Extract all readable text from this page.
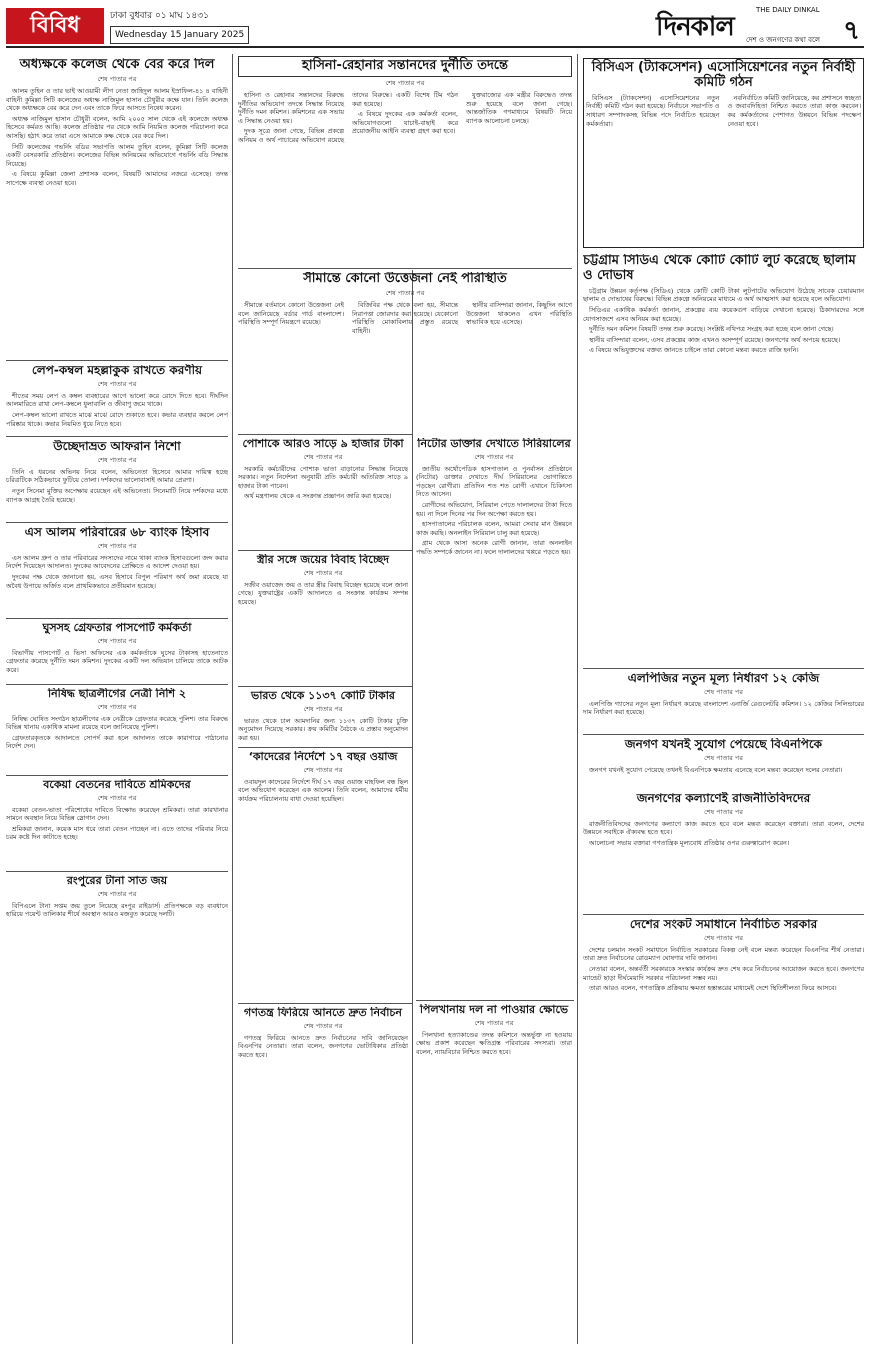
বিবিধ	ঢাকা বুধবার ০১ মাঘ ১৪৩১
Wednesday 15 January 2025	দিনকাল
THE DAILY DINKAL
দেশ ও জনগণের কথা বলে ৭
অধ্যক্ষকে কলেজ থেকে বের করে দিল
শেষ পাতার পর

আলম তুহিন ও তার ভাই আওয়ামী লীগ নেতা জাহিদুল আলম ইস্রাফিল-৪১ ৪ বাহিনী বাহিনী কুমিল্লা সিটি কলেজের অধ্যক্ষ নাজিমুল হাসান চৌধুরীর কক্ষে যান। তিনি কলেজ থেকে অধ্যক্ষকে বের করে দেন এবং তাকে ফিরে আসতে নিষেধ করেন।

অধ্যক্ষ নাজিমুল হাসান চৌধুরী বলেন, আমি ২০০৫ সাল থেকে এই কলেজে অধ্যক্ষ হিসেবে কর্মরত আছি। কলেজ প্রতিষ্ঠার পর থেকে আমি নিয়মিত কলেজ পরিচালনা করে আসছি। হঠাৎ করে তারা এসে আমাকে কক্ষ থেকে বের করে দিল।

সিটি কলেজের গভর্নিং বডির সভাপতি আলম তুহিন বলেন, কুমিল্লা সিটি কলেজ একটি বেসরকারি প্রতিষ্ঠান। কলেজের বিভিন্ন অনিয়মের অভিযোগে গভর্নিং বডি সিদ্ধান্ত নিয়েছে।

এ বিষয়ে কুমিল্লা জেলা প্রশাসক বলেন, বিষয়টি আমাদের নজরে এসেছে। তদন্ত সাপেক্ষে ব্যবস্থা নেওয়া হবে।

লেপ-কম্বল মহল্লাকুক রাখতে করণীয়
শেষ পাতার পর

শীতের সময় লেপ ও কম্বল ব্যবহারের আগে ভালো করে রোদে দিতে হবে। দীর্ঘদিন আলমারিতে রাখা লেপ-কম্বলে ধুলাবালি ও জীবাণু জমে থাকে।

লেপ-কম্বল ভালো রাখতে মাঝে মাঝে রোদে শুকাতে হবে। কভার ব্যবহার করলে লেপ পরিষ্কার থাকে। কভার নিয়মিত ধুয়ে নিতে হবে।

উচ্ছেদাভ্রত আফরান নিশো
শেষ পাতার পর

তিনি এ ধরনের অভিনয় নিয়ে বলেন, অভিনেতা হিসেবে আমার দায়িত্ব হচ্ছে চরিত্রটিকে সঠিকভাবে ফুটিয়ে তোলা। দর্শকদের ভালোবাসাই আমার প্রেরণা।

নতুন সিনেমা মুক্তির অপেক্ষায় রয়েছেন এই অভিনেতা। সিনেমাটি নিয়ে দর্শকদের মধ্যে ব্যাপক আগ্রহ তৈরি হয়েছে।

এস আলম পরিবারের ৬৮ ব্যাংক হিসাব
শেষ পাতার পর

এস আলম গ্রুপ ও তার পরিবারের সদস্যদের নামে থাকা ব্যাংক হিসাবগুলো জব্দ করার নির্দেশ দিয়েছেন আদালত। দুদকের আবেদনের প্রেক্ষিতে এ আদেশ দেওয়া হয়।

দুদকের পক্ষ থেকে জানানো হয়, এসব হিসাবে বিপুল পরিমাণ অর্থ জমা রয়েছে যা অবৈধ উপায়ে অর্জিত বলে প্রাথমিকভাবে প্রতীয়মান হয়েছে।

ঘুসসহ গ্রেফতার পাসপোর্ট কর্মকর্তা
শেষ পাতার পর

বিভাগীয় পাসপোর্ট ও ভিসা অফিসের এক কর্মকর্তাকে ঘুসের টাকাসহ হাতেনাতে গ্রেফতার করেছে দুর্নীতি দমন কমিশন। দুদকের একটি দল অভিযান চালিয়ে তাকে আটক করে।

নিষিদ্ধ ছাত্রলীগের নেত্রী নিশি ২
শেষ পাতার পর

নিষিদ্ধ ঘোষিত সংগঠন ছাত্রলীগের এক নেত্রীকে গ্রেফতার করেছে পুলিশ। তার বিরুদ্ধে বিভিন্ন থানায় একাধিক মামলা রয়েছে বলে জানিয়েছে পুলিশ।

গ্রেফতারকৃতকে আদালতে সোপর্দ করা হলে আদালত তাকে কারাগারে পাঠানোর নির্দেশ দেন।

বকেয়া বেতনের দাবিতে শ্রমিকদের
শেষ পাতার পর

বকেয়া বেতন-ভাতা পরিশোধের দাবিতে বিক্ষোভ করেছেন শ্রমিকরা। তারা কারখানার সামনে অবস্থান নিয়ে বিভিন্ন স্লোগান দেন।

শ্রমিকরা জানান, কয়েক মাস ধরে তারা বেতন পাচ্ছেন না। এতে তাদের পরিবার নিয়ে চরম কষ্টে দিন কাটাতে হচ্ছে।

রংপুরের টানা সাত জয়
শেষ পাতার পর

বিপিএলে টানা সপ্তম জয় তুলে নিয়েছে রংপুর রাইডার্স। প্রতিপক্ষকে বড় ব্যবধানে হারিয়ে পয়েন্ট তালিকার শীর্ষে অবস্থান আরও মজবুত করেছে দলটি।

হাসিনা-রেহানার সন্তানদের দুর্নীতি তদন্তে
শেষ পাতার পর

হাসিনা ও রেহানার সন্তানদের বিরুদ্ধে দুর্নীতির অভিযোগ তদন্তে সিদ্ধান্ত নিয়েছে দুর্নীতি দমন কমিশন। কমিশনের এক সভায় এ সিদ্ধান্ত নেওয়া হয়।

দুদক সূত্রে জানা গেছে, বিভিন্ন প্রকল্পে অনিয়ম ও অর্থ পাচারের অভিযোগ রয়েছে তাদের বিরুদ্ধে। একটি বিশেষ টিম গঠন করা হয়েছে।

এ বিষয়ে দুদকের এক কর্মকর্তা বলেন, অভিযোগগুলো যাচাই-বাছাই করে প্রয়োজনীয় আইনি ব্যবস্থা গ্রহণ করা হবে।

যুক্তরাজ্যের এক মন্ত্রীর বিরুদ্ধেও তদন্ত শুরু হয়েছে বলে জানা গেছে। আন্তর্জাতিক গণমাধ্যমে বিষয়টি নিয়ে ব্যাপক আলোচনা চলছে।

সীমান্তে কোনো উত্তেজনা নেই পরিস্থিতি
শেষ পাতার পর

সীমান্তে বর্তমানে কোনো উত্তেজনা নেই বলে জানিয়েছে বর্ডার গার্ড বাংলাদেশ। পরিস্থিতি সম্পূর্ণ নিয়ন্ত্রণে রয়েছে।

বিজিবির পক্ষ থেকে বলা হয়, সীমান্তে নিরাপত্তা জোরদার করা হয়েছে। যেকোনো পরিস্থিতি মোকাবিলায় প্রস্তুত রয়েছে বাহিনী।

স্থানীয় বাসিন্দারা জানান, কিছুদিন আগে উত্তেজনা থাকলেও এখন পরিস্থিতি স্বাভাবিক হয়ে এসেছে।

পোশাকে আরও সাড়ে ৯ হাজার টাকা
শেষ পাতার পর

সরকারি কর্মচারীদের পোশাক ভাতা বাড়ানোর সিদ্ধান্ত নিয়েছে সরকার। নতুন নির্দেশনা অনুযায়ী প্রতি কর্মচারী অতিরিক্ত সাড়ে ৯ হাজার টাকা পাবেন।

অর্থ মন্ত্রণালয় থেকে এ সংক্রান্ত প্রজ্ঞাপন জারি করা হয়েছে।

স্ত্রীর সঙ্গে জয়ের বিবাহ বিচ্ছেদ
শেষ পাতার পর

সজীব ওয়াজেদ জয় ও তার স্ত্রীর বিবাহ বিচ্ছেদ হয়েছে বলে জানা গেছে। যুক্তরাষ্ট্রের একটি আদালতে এ সংক্রান্ত কার্যক্রম সম্পন্ন হয়েছে।

ভারত থেকে ১১৩৭ কোটি টাকার
শেষ পাতার পর

ভারত থেকে চাল আমদানির জন্য ১১৩৭ কোটি টাকার চুক্তি অনুমোদন দিয়েছে সরকার। ক্রয় কমিটির বৈঠকে এ প্রস্তাব অনুমোদন করা হয়।

‘কাদেরের নির্দেশে ১৭ বছর ওয়াজ
শেষ পাতার পর

ওবায়দুল কাদেরের নির্দেশে দীর্ঘ ১৭ বছর ওয়াজ মাহফিল বন্ধ ছিল বলে অভিযোগ করেছেন এক আলেম। তিনি বলেন, আমাদের ধর্মীয় কার্যক্রম পরিচালনায় বাধা দেওয়া হয়েছিল।

গণতন্ত্র ফিরিয়ে আনতে দ্রুত নির্বাচন
শেষ পাতার পর

গণতন্ত্র ফিরিয়ে আনতে দ্রুত নির্বাচনের দাবি জানিয়েছেন বিএনপির নেতারা। তারা বলেন, জনগণের ভোটাধিকার প্রতিষ্ঠা করতে হবে।

নিটোর ডাক্তার দেখাতে সিরিয়ালের
শেষ পাতার পর

জাতীয় অর্থোপেডিক হাসপাতাল ও পুনর্বাসন প্রতিষ্ঠানে (নিটোর) ডাক্তার দেখাতে দীর্ঘ সিরিয়ালের ভোগান্তিতে পড়ছেন রোগীরা। প্রতিদিন শত শত রোগী এখানে চিকিৎসা নিতে আসেন।

রোগীদের অভিযোগ, সিরিয়াল পেতে দালালদের টাকা দিতে হয়। না দিলে দিনের পর দিন অপেক্ষা করতে হয়।

হাসপাতালের পরিচালক বলেন, আমরা সেবার মান উন্নয়নে কাজ করছি। অনলাইন সিরিয়াল চালু করা হয়েছে।

গ্রাম থেকে আসা অনেক রোগী জানান, তারা অনলাইন পদ্ধতি সম্পর্কে জানেন না। ফলে দালালদের খপ্পরে পড়তে হয়।

পিলখানায় দল না পাওয়ার ক্ষোভে
শেষ পাতার পর

পিলখানা হত্যাকাণ্ডের তদন্ত কমিশনে অন্তর্ভুক্ত না হওয়ায় ক্ষোভ প্রকাশ করেছেন ক্ষতিগ্রস্ত পরিবারের সদস্যরা। তারা বলেন, ন্যায়বিচার নিশ্চিত করতে হবে।

বিসিএস (ট্যাকসেশন) এসোসিয়েশনের নতুন নির্বাহী কমিটি গঠন

বিসিএস (ট্যাকসেশন) এসোসিয়েশনের নতুন নির্বাহী কমিটি গঠন করা হয়েছে। নির্বাচনে সভাপতি ও সাধারণ সম্পাদকসহ বিভিন্ন পদে নির্বাচিত হয়েছেন কর্মকর্তারা।

নবনির্বাচিত কমিটি জানিয়েছে, কর প্রশাসনে স্বচ্ছতা ও জবাবদিহিতা নিশ্চিত করতে তারা কাজ করবেন। কর কর্মকর্তাদের পেশাগত উন্নয়নে বিভিন্ন পদক্ষেপ নেওয়া হবে।

চট্টগ্রাম সিডিএ থেকে কোটি কোটি লুট করেছে ছালাম ও দোভাষ

চট্টগ্রাম উন্নয়ন কর্তৃপক্ষ (সিডিএ) থেকে কোটি কোটি টাকা লুটপাটের অভিযোগ উঠেছে সাবেক চেয়ারম্যান ছালাম ও দোভাষের বিরুদ্ধে। বিভিন্ন প্রকল্পে অনিয়মের মাধ্যমে এ অর্থ আত্মসাৎ করা হয়েছে বলে অভিযোগ।

সিডিএর একাধিক কর্মকর্তা জানান, প্রকল্পের ব্যয় কয়েকগুণ বাড়িয়ে দেখানো হয়েছে। ঠিকাদারদের সঙ্গে যোগসাজশে এসব অনিয়ম করা হয়েছে।

দুর্নীতি দমন কমিশন বিষয়টি তদন্ত শুরু করেছে। সংশ্লিষ্ট নথিপত্র সংগ্রহ করা হচ্ছে বলে জানা গেছে।

স্থানীয় বাসিন্দারা বলেন, এসব প্রকল্পের কাজ এখনও অসম্পূর্ণ রয়েছে। জনগণের অর্থ অপচয় হয়েছে।

এ বিষয়ে অভিযুক্তদের বক্তব্য জানতে চাইলে তারা কোনো মন্তব্য করতে রাজি হননি।

এলপিজির নতুন মূল্য নির্ধারণ ১২ কেজি
শেষ পাতার পর

এলপিজি গ্যাসের নতুন মূল্য নির্ধারণ করেছে বাংলাদেশ এনার্জি রেগুলেটরি কমিশন। ১২ কেজির সিলিন্ডারের দাম নির্ধারণ করা হয়েছে।

জনগণ যখনই সুযোগ পেয়েছে বিএনপিকে
শেষ পাতার পর

জনগণ যখনই সুযোগ পেয়েছে তখনই বিএনপিকে ক্ষমতায় এনেছে বলে মন্তব্য করেছেন দলের নেতারা।

জনগণের কল্যাণেই রাজনীতিবিদদের
শেষ পাতার পর

রাজনীতিবিদদের জনগণের কল্যাণে কাজ করতে হবে বলে মন্তব্য করেছেন বক্তারা। তারা বলেন, দেশের উন্নয়নে সবাইকে ঐক্যবদ্ধ হতে হবে।

আলোচনা সভায় বক্তারা গণতান্ত্রিক মূল্যবোধ প্রতিষ্ঠার ওপর গুরুত্বারোপ করেন।

দেশের সংকট সমাধানে নির্বাচিত সরকার
শেষ পাতার পর

দেশের চলমান সংকট সমাধানে নির্বাচিত সরকারের বিকল্প নেই বলে মন্তব্য করেছেন বিএনপির শীর্ষ নেতারা। তারা দ্রুত নির্বাচনের রোডম্যাপ ঘোষণার দাবি জানান।

নেতারা বলেন, অন্তর্বর্তী সরকারকে সংস্কার কার্যক্রম দ্রুত শেষ করে নির্বাচনের আয়োজন করতে হবে। জনগণের ম্যান্ডেট ছাড়া দীর্ঘমেয়াদি সরকার পরিচালনা সম্ভব নয়।

তারা আরও বলেন, গণতান্ত্রিক প্রক্রিয়ায় ক্ষমতা হস্তান্তরের মাধ্যমেই দেশে স্থিতিশীলতা ফিরে আসবে।
